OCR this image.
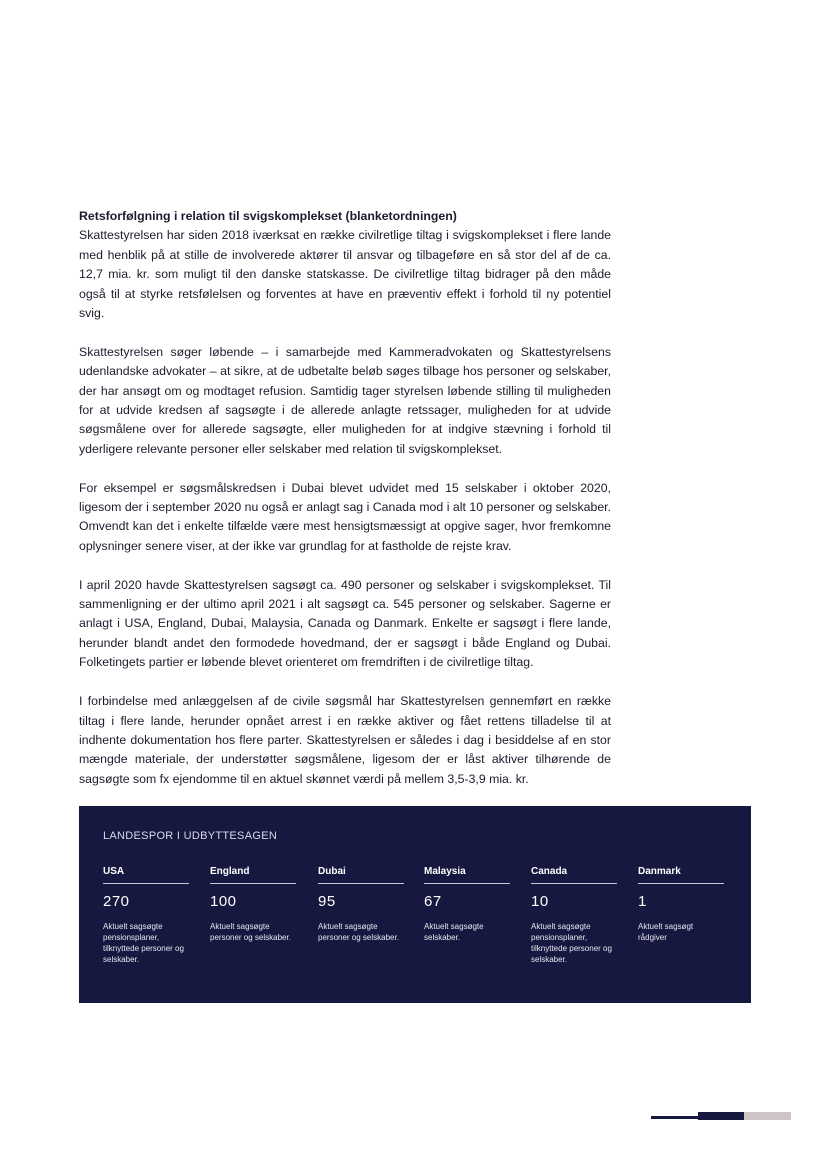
Retsforfølgning i relation til svigskomplekset (blanketordningen)

Skattestyrelsen har siden 2018 iværksat en række civilretlige tiltag i svigskomplekset i flere lande med henblik på at stille de involverede aktører til ansvar og tilbageføre en så stor del af de ca. 12,7 mia. kr. som muligt til den danske statskasse. De civilretlige tiltag bidrager på den måde også til at styrke retsfølelsen og forventes at have en præventiv effekt i forhold til ny potentiel svig.

Skattestyrelsen søger løbende – i samarbejde med Kammeradvokaten og Skattestyrelsens udenlandske advokater – at sikre, at de udbetalte beløb søges tilbage hos personer og selskaber, der har ansøgt om og modtaget refusion. Samtidig tager styrelsen løbende stilling til muligheden for at udvide kredsen af sagsøgte i de allerede anlagte retssager, muligheden for at udvide søgsmålene over for allerede sagsøgte, eller muligheden for at indgive stævning i forhold til yderligere relevante personer eller selskaber med relation til svigskomplekset.

For eksempel er søgsmålskredsen i Dubai blevet udvidet med 15 selskaber i oktober 2020, ligesom der i september 2020 nu også er anlagt sag i Canada mod i alt 10 personer og selskaber. Omvendt kan det i enkelte tilfælde være mest hensigtsmæssigt at opgive sager, hvor fremkomne oplysninger senere viser, at der ikke var grundlag for at fastholde de rejste krav.

I april 2020 havde Skattestyrelsen sagsøgt ca. 490 personer og selskaber i svigskomplekset. Til sammenligning er der ultimo april 2021 i alt sagsøgt ca. 545 personer og selskaber. Sagerne er anlagt i USA, England, Dubai, Malaysia, Canada og Danmark. Enkelte er sagsøgt i flere lande, herunder blandt andet den formodede hovedmand, der er sagsøgt i både England og Dubai. Folketingets partier er løbende blevet orienteret om fremdriften i de civilretlige tiltag.

I forbindelse med anlæggelsen af de civile søgsmål har Skattestyrelsen gennemført en række tiltag i flere lande, herunder opnået arrest i en række aktiver og fået rettens tilladelse til at indhente dokumentation hos flere parter. Skattestyrelsen er således i dag i besiddelse af en stor mængde materiale, der understøtter søgsmålene, ligesom der er låst aktiver tilhørende de sagsøgte som fx ejendomme til en aktuel skønnet værdi på mellem 3,5-3,9 mia. kr.

LANDESPOR I UDBYTTESAGEN
USA
270
Aktuelt sagsøgte pensionsplaner, tilknyttede personer og selskaber.
England
100
Aktuelt sagsøgte personer og selskaber.
Dubai
95
Aktuelt sagsøgte personer og selskaber.
Malaysia
67
Aktuelt sagsøgte selskaber.
Canada
10
Aktuelt sagsøgte pensionsplaner, tilknyttede personer og selskaber.
Danmark
1
Aktuelt sagsøgt rådgiver
